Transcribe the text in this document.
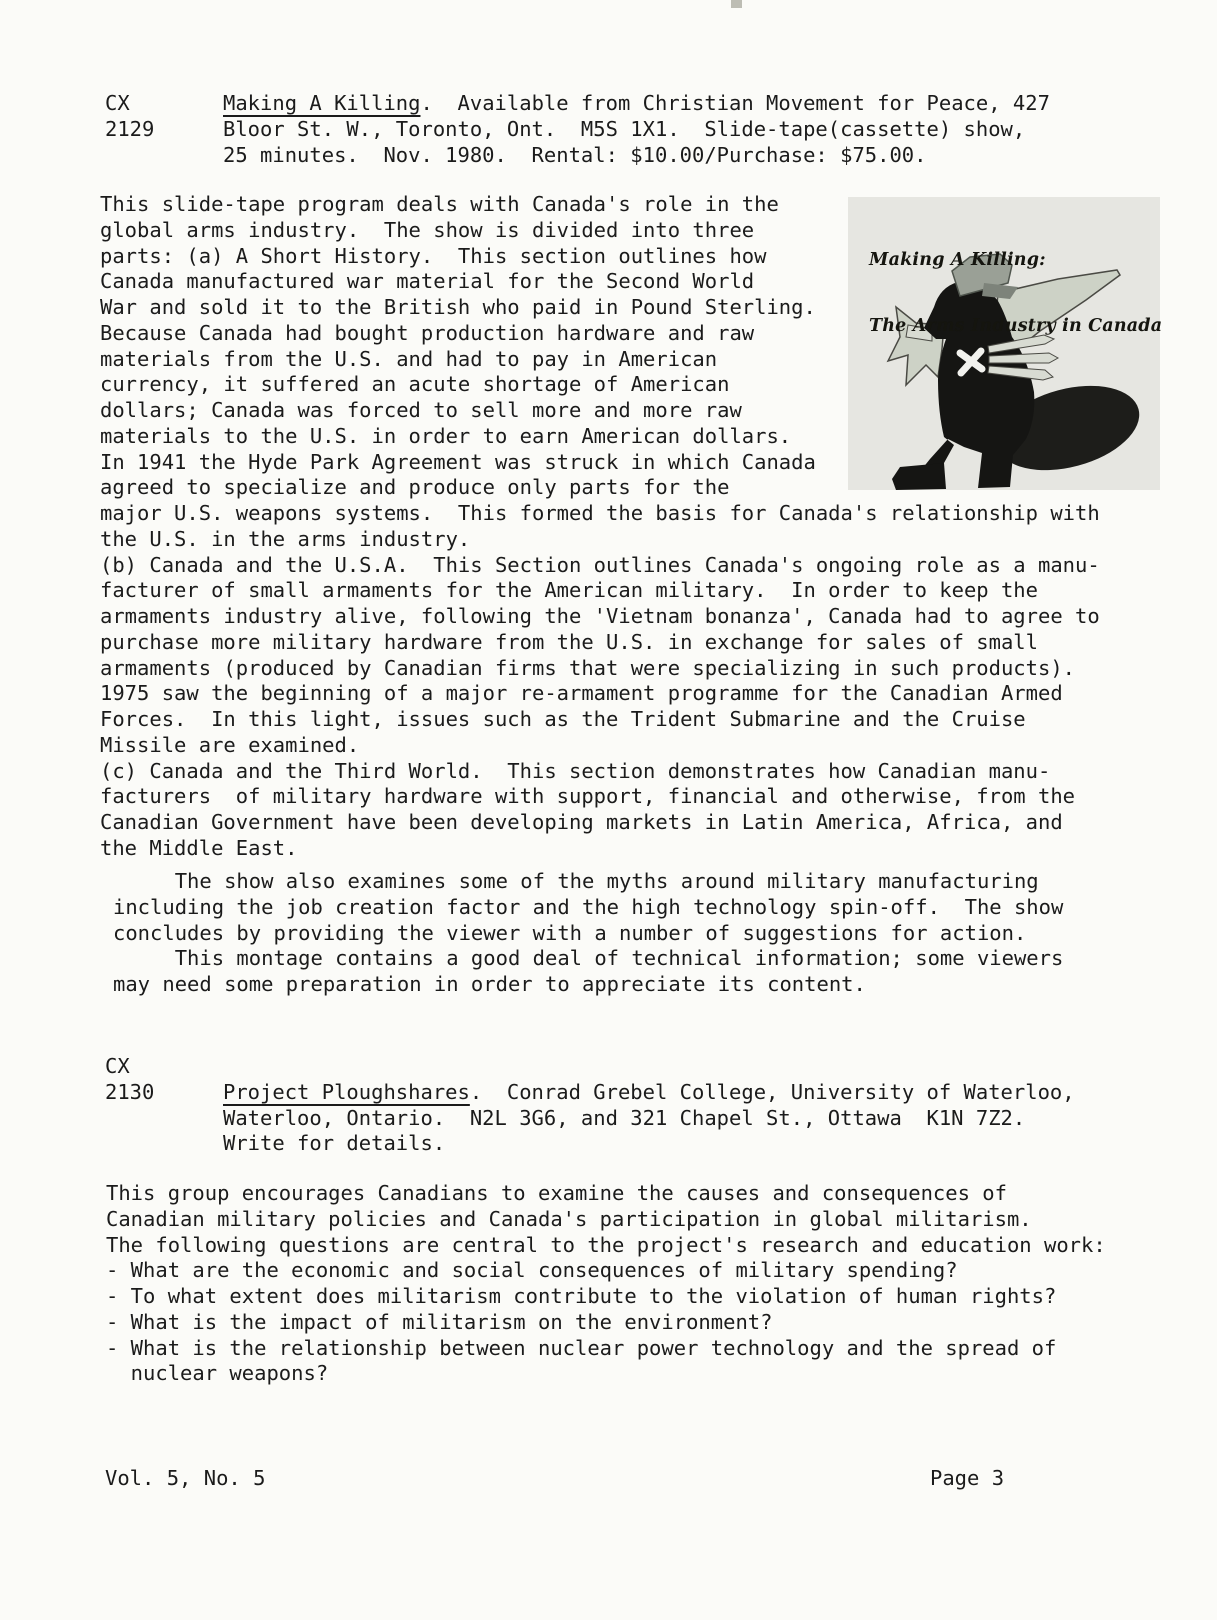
CX
2129
Making A Killing.  Available from Christian Movement for Peace, 427
Bloor St. W., Toronto, Ont.  M5S 1X1.  Slide-tape(cassette) show,
25 minutes.  Nov. 1980.  Rental: $10.00/Purchase: $75.00.

Making A Killing:

The Arms Industry in Canada

This slide-tape program deals with Canada's role in the
global arms industry.  The show is divided into three
parts: (a) A Short History.  This section outlines how
Canada manufactured war material for the Second World
War and sold it to the British who paid in Pound Sterling.
Because Canada had bought production hardware and raw
materials from the U.S. and had to pay in American
currency, it suffered an acute shortage of American
dollars; Canada was forced to sell more and more raw
materials to the U.S. in order to earn American dollars.
In 1941 the Hyde Park Agreement was struck in which Canada
agreed to specialize and produce only parts for the
major U.S. weapons systems.  This formed the basis for Canada's relationship with
the U.S. in the arms industry.
(b) Canada and the U.S.A.  This Section outlines Canada's ongoing role as a manu-
facturer of small armaments for the American military.  In order to keep the
armaments industry alive, following the 'Vietnam bonanza', Canada had to agree to
purchase more military hardware from the U.S. in exchange for sales of small
armaments (produced by Canadian firms that were specializing in such products).
1975 saw the beginning of a major re-armament programme for the Canadian Armed
Forces.  In this light, issues such as the Trident Submarine and the Cruise
Missile are examined.
(c) Canada and the Third World.  This section demonstrates how Canadian manu-
facturers  of military hardware with support, financial and otherwise, from the
Canadian Government have been developing markets in Latin America, Africa, and
the Middle East.
The show also examines some of the myths around military manufacturing
including the job creation factor and the high technology spin-off.  The show
concludes by providing the viewer with a number of suggestions for action.
This montage contains a good deal of technical information; some viewers
may need some preparation in order to appreciate its content.
CX
2130	Project Ploughshares.  Conrad Grebel College, University of Waterloo,
Waterloo, Ontario.  N2L 3G6, and 321 Chapel St., Ottawa  K1N 7Z2.
Write for details.
This group encourages Canadians to examine the causes and consequences of
Canadian military policies and Canada's participation in global militarism.
The following questions are central to the project's research and education work:
- What are the economic and social consequences of military spending?
- To what extent does militarism contribute to the violation of human rights?
- What is the impact of militarism on the environment?
- What is the relationship between nuclear power technology and the spread of
nuclear weapons?
Vol. 5, No. 5	Page 3
